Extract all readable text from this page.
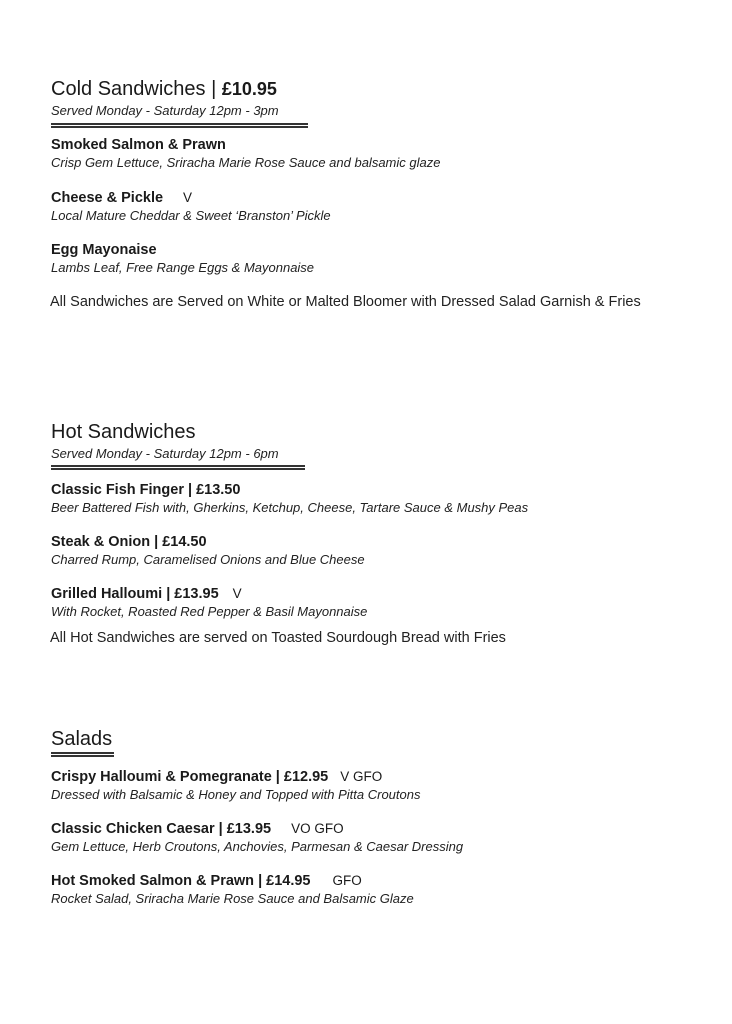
Cold Sandwiches | £10.95
Served Monday - Saturday 12pm - 3pm
Smoked Salmon & Prawn
Crisp Gem Lettuce, Sriracha Marie Rose Sauce and balsamic glaze
Cheese & Pickle V
Local Mature Cheddar & Sweet ‘Branston’ Pickle
Egg Mayonaise
Lambs Leaf, Free Range Eggs & Mayonnaise
All Sandwiches are Served on White or Malted Bloomer with Dressed Salad Garnish & Fries
Hot Sandwiches
Served Monday - Saturday 12pm - 6pm
Classic Fish Finger | £13.50
Beer Battered Fish with, Gherkins, Ketchup, Cheese, Tartare Sauce & Mushy Peas
Steak & Onion | £14.50
Charred Rump, Caramelised Onions and Blue Cheese
Grilled Halloumi | £13.95 V
With Rocket, Roasted Red Pepper & Basil Mayonnaise
All Hot Sandwiches are served on Toasted Sourdough Bread with Fries
Salads
Crispy Halloumi & Pomegranate | £12.95 V GFO
Dressed with Balsamic & Honey and Topped with Pitta Croutons
Classic Chicken Caesar | £13.95 VO GFO
Gem Lettuce, Herb Croutons, Anchovies, Parmesan & Caesar Dressing
Hot Smoked Salmon & Prawn | £14.95 GFO
Rocket Salad, Sriracha Marie Rose Sauce and Balsamic Glaze
